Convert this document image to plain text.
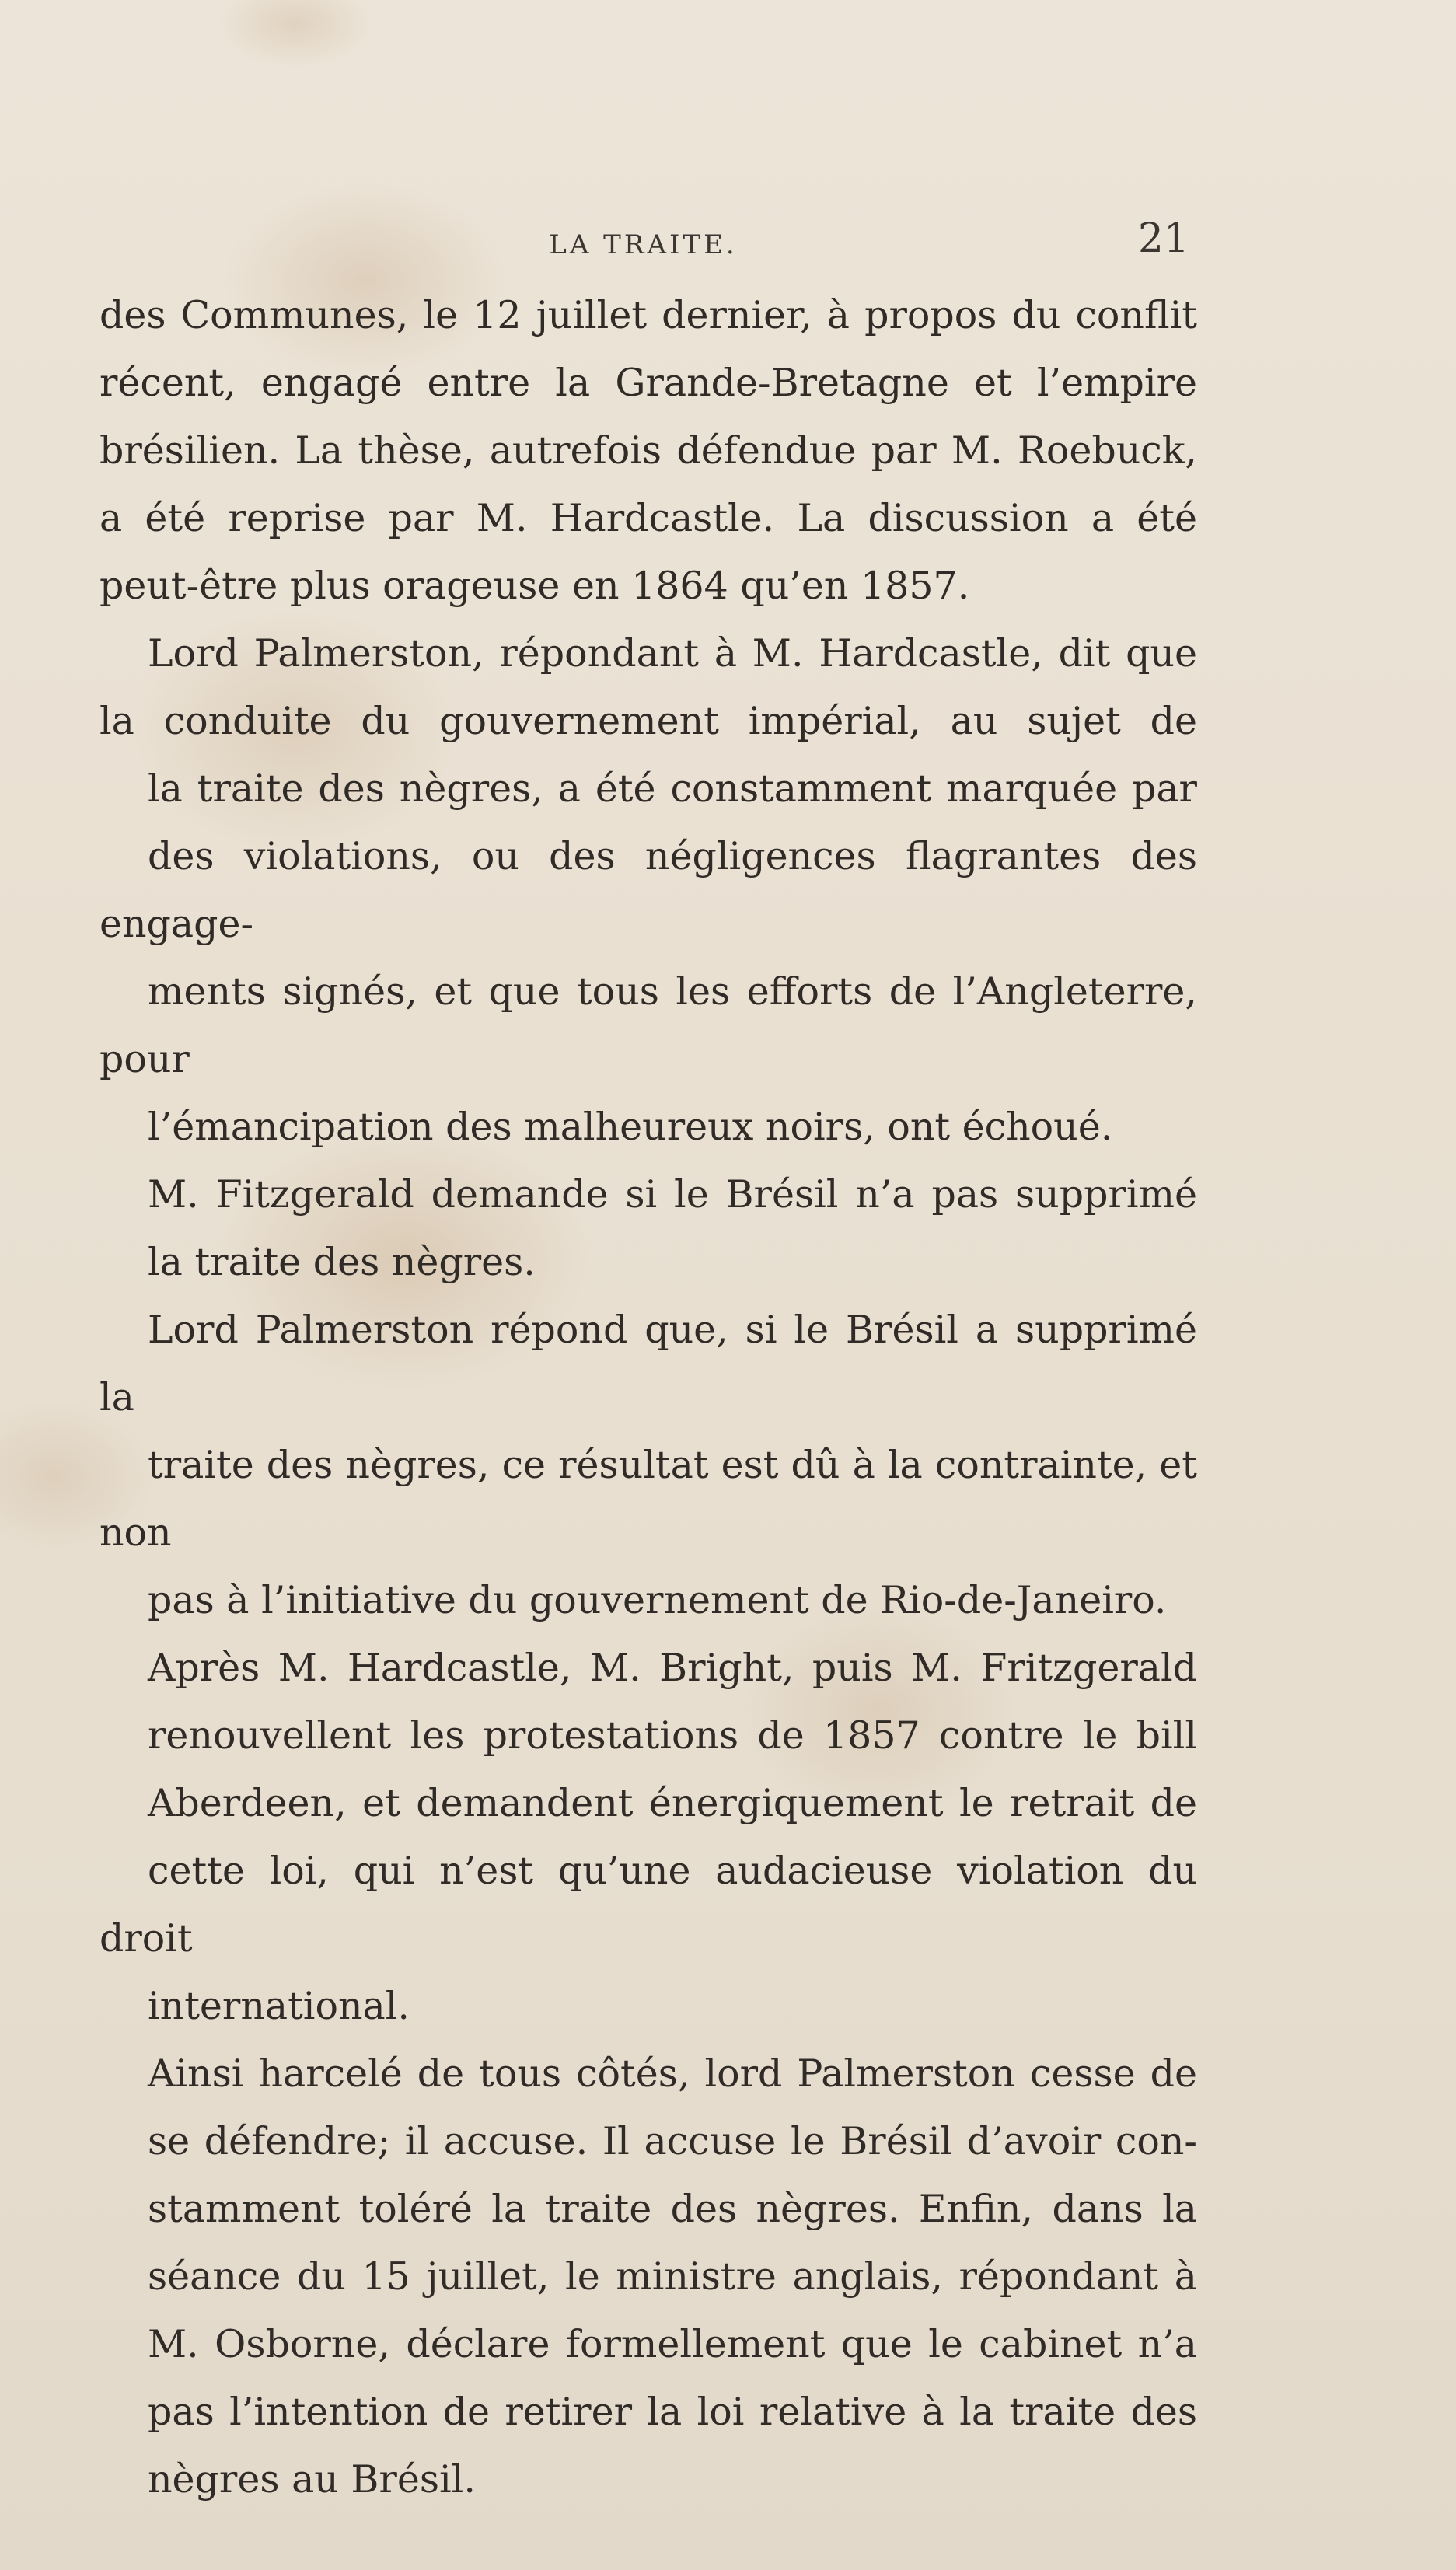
LA TRAITE.	21

des Communes, le 12 juillet dernier, à propos du conflit
récent, engagé entre la Grande-Bretagne et l’empire
brésilien. La thèse, autrefois défendue par M. Roebuck,
a été reprise par M. Hardcastle. La discussion a été
peut-être plus orageuse en 1864 qu’en 1857.

Lord Palmerston, répondant à M. Hardcastle, dit que
la conduite du gouvernement impérial, au sujet de
la traite des nègres, a été constamment marquée par
des violations, ou des négligences flagrantes des engage-
ments signés, et que tous les efforts de l’Angleterre, pour
l’émancipation des malheureux noirs, ont échoué.

M. Fitzgerald demande si le Brésil n’a pas supprimé
la traite des nègres.

Lord Palmerston répond que, si le Brésil a supprimé la
traite des nègres, ce résultat est dû à la contrainte, et non
pas à l’initiative du gouvernement de Rio-de-Janeiro.

Après M. Hardcastle, M. Bright, puis M. Fritzgerald
renouvellent les protestations de 1857 contre le bill
Aberdeen, et demandent énergiquement le retrait de
cette loi, qui n’est qu’une audacieuse violation du droit
international.

Ainsi harcelé de tous côtés, lord Palmerston cesse de
se défendre; il accuse. Il accuse le Brésil d’avoir con-
stamment toléré la traite des nègres. Enfin, dans la
séance du 15 juillet, le ministre anglais, répondant à
M. Osborne, déclare formellement que le cabinet n’a
pas l’intention de retirer la loi relative à la traite des
nègres au Brésil.
